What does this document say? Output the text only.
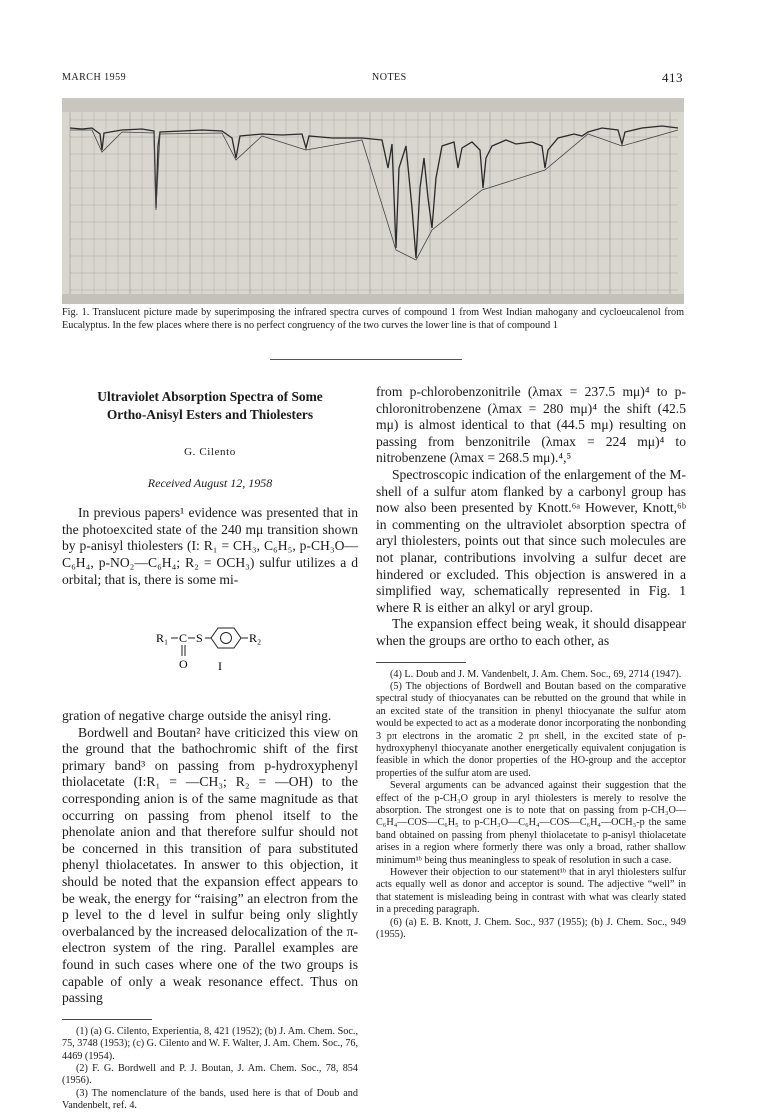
MARCH 1959	NOTES	413
Fig. 1. Translucent picture made by superimposing the infrared spectra curves of compound 1 from West Indian mahogany and cycloeucalenol from Eucalyptus. In the few places where there is no perfect congruency of the two curves the lower line is that of compound 1

Ultraviolet Absorption Spectra of Some

Ortho-Anisyl Esters and Thiolesters

G. Cilento

Received August 12, 1958

In previous papers¹ evidence was presented that in the photoexcited state of the 240 mμ transition shown by p-anisyl thiolesters (I: R₁ = CH₃, C₆H₅, p-CH₃O—C₆H₄, p-NO₂—C₆H₄; R₂ = OCH₃) sulfur utilizes a d orbital; that is, there is some mi-

R₁ C S	R₂
O	I

gration of negative charge outside the anisyl ring.

Bordwell and Boutan² have criticized this view on the ground that the bathochromic shift of the first primary band³ on passing from p-hydroxyphenyl thiolacetate (I:R₁ = —CH₃; R₂ = —OH) to the corresponding anion is of the same magnitude as that occurring on passing from phenol itself to the phenolate anion and that therefore sulfur should not be concerned in this transition of para substituted phenyl thiolacetates. In answer to this objection, it should be noted that the expansion effect appears to be weak, the energy for “raising” an electron from the p level to the d level in sulfur being only slightly overbalanced by the increased delocalization of the π-electron system of the ring. Parallel examples are found in such cases where one of the two groups is capable of only a weak resonance effect. Thus on passing

(1) (a) G. Cilento, Experientia, 8, 421 (1952); (b) J. Am. Chem. Soc., 75, 3748 (1953); (c) G. Cilento and W. F. Walter, J. Am. Chem. Soc., 76, 4469 (1954).

(2) F. G. Bordwell and P. J. Boutan, J. Am. Chem. Soc., 78, 854 (1956).

(3) The nomenclature of the bands, used here is that of Doub and Vandenbelt, ref. 4.

from p-chlorobenzonitrile (λmax = 237.5 mμ)⁴ to p-chloronitrobenzene (λmax = 280 mμ)⁴ the shift (42.5 mμ) is almost identical to that (44.5 mμ) resulting on passing from benzonitrile (λmax = 224 mμ)⁴ to nitrobenzene (λmax = 268.5 mμ).⁴,⁵

Spectroscopic indication of the enlargement of the M-shell of a sulfur atom flanked by a carbonyl group has now also been presented by Knott.⁶ᵃ However, Knott,⁶ᵇ in commenting on the ultraviolet absorption spectra of aryl thiolesters, points out that since such molecules are not planar, contributions involving a sulfur decet are hindered or excluded. This objection is answered in a simplified way, schematically represented in Fig. 1 where R is either an alkyl or aryl group.

The expansion effect being weak, it should disappear when the groups are ortho to each other, as

(4) L. Doub and J. M. Vandenbelt, J. Am. Chem. Soc., 69, 2714 (1947).

(5) The objections of Bordwell and Boutan based on the comparative spectral study of thiocyanates can be rebutted on the ground that while in an excited state of the transition in phenyl thiocyanate the sulfur atom would be expected to act as a moderate donor incorporating the nonbonding 3 pπ electrons in the aromatic 2 pπ shell, in the excited state of p-hydroxyphenyl thiocyanate another energetically equivalent conjugation is feasible in which the donor properties of the HO-group and the acceptor properties of the sulfur atom are used.

Several arguments can be advanced against their suggestion that the effect of the p-CH₃O group in aryl thiolesters is merely to resolve the absorption. The strongest one is to note that on passing from p-CH₃O—C₆H₄—COS—C₆H₅ to p-CH₃O—C₆H₄—COS—C₆H₄—OCH₃-p the same band obtained on passing from phenyl thiolacetate to p-anisyl thiolacetate arises in a region where formerly there was only a broad, rather shallow minimum¹ᵇ being thus meaningless to speak of resolution in such a case.

However their objection to our statement¹ᵇ that in aryl thiolesters sulfur acts equally well as donor and acceptor is sound. The adjective “well” in that statement is misleading being in contrast with what was clearly stated in a preceding paragraph.

(6) (a) E. B. Knott, J. Chem. Soc., 937 (1955); (b) J. Chem. Soc., 949 (1955).
